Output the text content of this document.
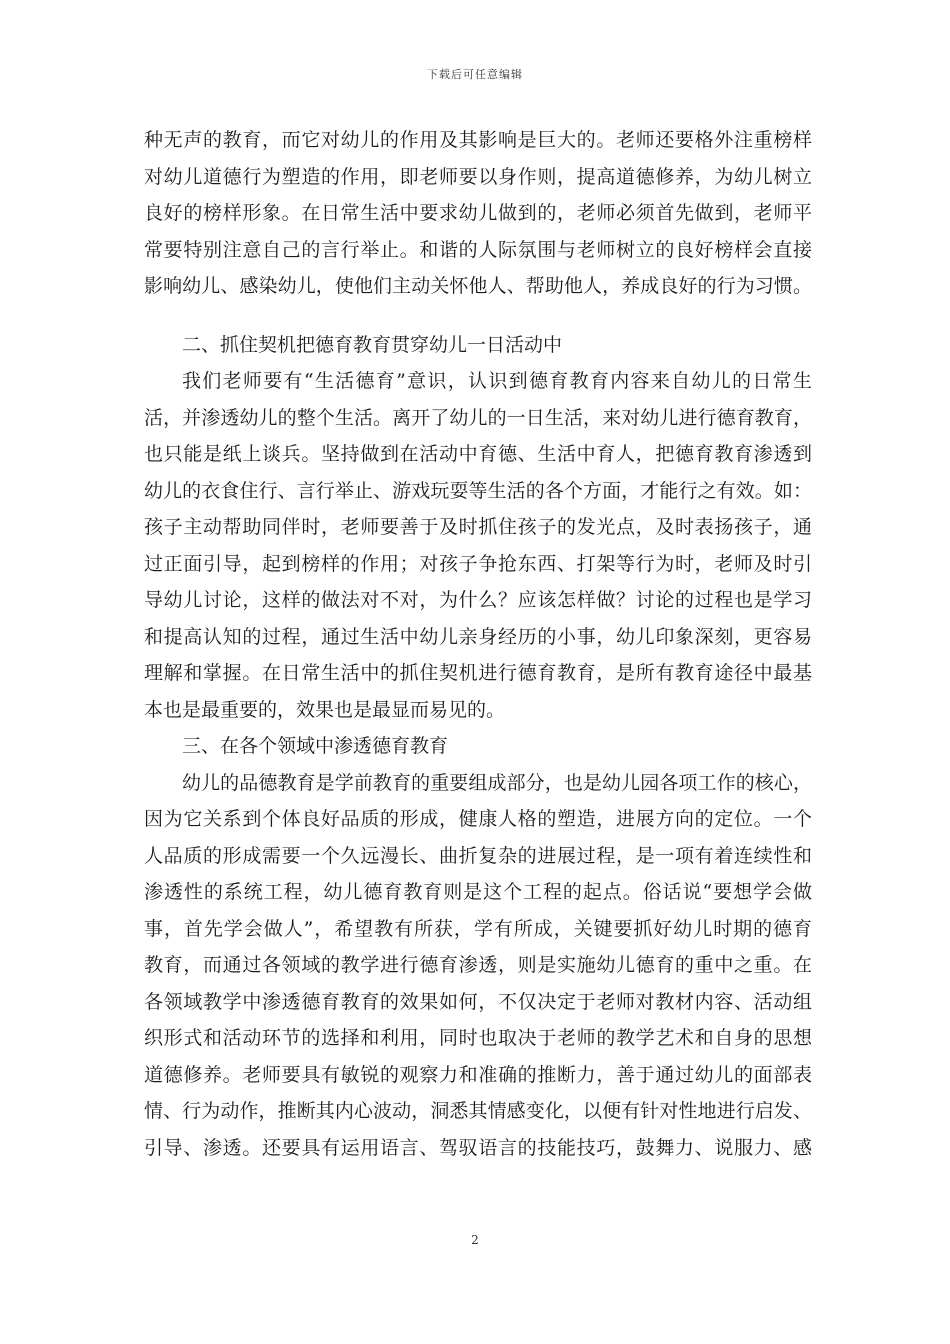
下载后可任意编辑
种无声的教育，而它对幼儿的作用及其影响是巨大的。老师还要格外注重榜样
对幼儿道德行为塑造的作用，即老师要以身作则，提高道德修养，为幼儿树立
良好的榜样形象。在日常生活中要求幼儿做到的，老师必须首先做到，老师平
常要特别注意自己的言行举止。和谐的人际氛围与老师树立的良好榜样会直接
影响幼儿、感染幼儿，使他们主动关怀他人、帮助他人，养成良好的行为习惯。
二、抓住契机把德育教育贯穿幼儿一日活动中
我们老师要有“生活德育”意识，认识到德育教育内容来自幼儿的日常生
活，并渗透幼儿的整个生活。离开了幼儿的一日生活，来对幼儿进行德育教育，
也只能是纸上谈兵。坚持做到在活动中育德、生活中育人，把德育教育渗透到
幼儿的衣食住行、言行举止、游戏玩耍等生活的各个方面，才能行之有效。如：
孩子主动帮助同伴时，老师要善于及时抓住孩子的发光点，及时表扬孩子，通
过正面引导，起到榜样的作用；对孩子争抢东西、打架等行为时，老师及时引
导幼儿讨论，这样的做法对不对，为什么？应该怎样做？讨论的过程也是学习
和提高认知的过程，通过生活中幼儿亲身经历的小事，幼儿印象深刻，更容易
理解和掌握。在日常生活中的抓住契机进行德育教育，是所有教育途径中最基
本也是最重要的，效果也是最显而易见的。
三、在各个领域中渗透德育教育
幼儿的品德教育是学前教育的重要组成部分，也是幼儿园各项工作的核心，
因为它关系到个体良好品质的形成，健康人格的塑造，进展方向的定位。一个
人品质的形成需要一个久远漫长、曲折复杂的进展过程，是一项有着连续性和
渗透性的系统工程，幼儿德育教育则是这个工程的起点。俗话说“要想学会做
事，首先学会做人”，希望教有所获，学有所成，关键要抓好幼儿时期的德育
教育，而通过各领域的教学进行德育渗透，则是实施幼儿德育的重中之重。在
各领域教学中渗透德育教育的效果如何，不仅决定于老师对教材内容、活动组
织形式和活动环节的选择和利用，同时也取决于老师的教学艺术和自身的思想
道德修养。老师要具有敏锐的观察力和准确的推断力，善于通过幼儿的面部表
情、行为动作，推断其内心波动，洞悉其情感变化，以便有针对性地进行启发、
引导、渗透。还要具有运用语言、驾驭语言的技能技巧，鼓舞力、说服力、感
2
